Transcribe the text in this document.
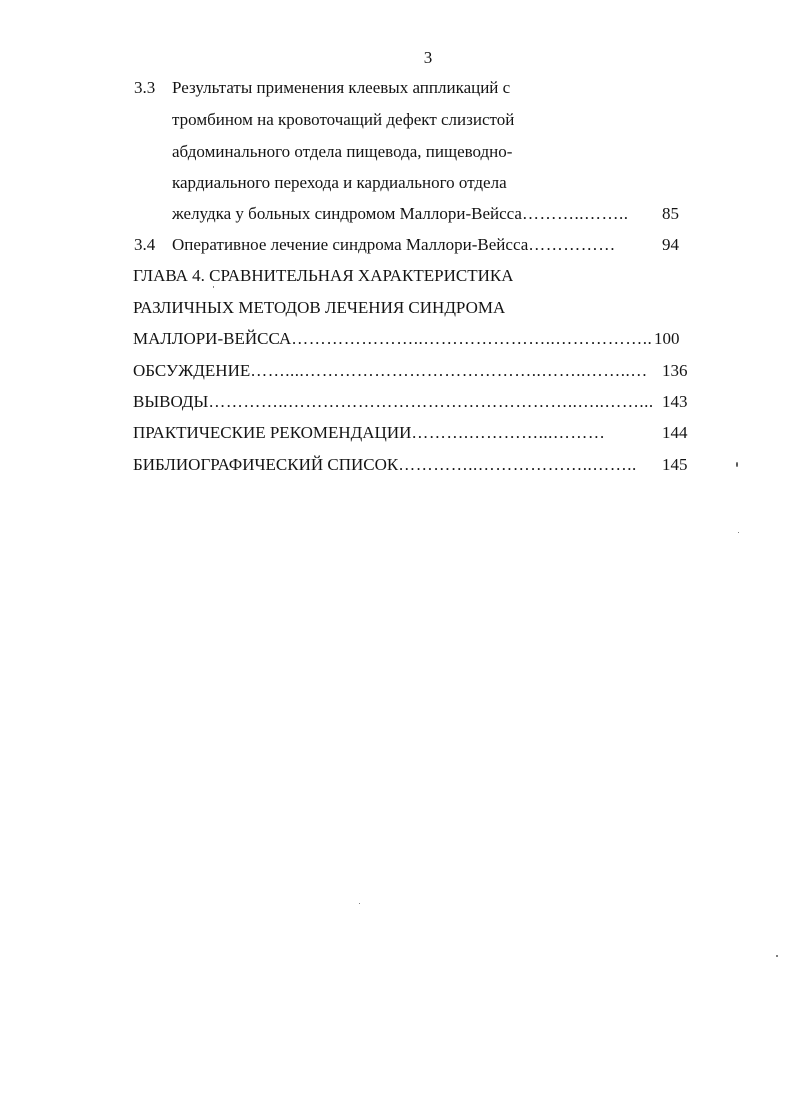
3
3.3 Результаты применения клеевых аппликаций с
тромбином на кровоточащий дефект слизистой
абдоминального отдела пищевода, пищеводно-
кардиального перехода и кардиального отдела
желудка у больных синдромом Маллори-Вейсса………..……..	85
3.4 Оперативное лечение синдрома Маллори-Вейсса……………	94
ГЛАВА 4. СРАВНИТЕЛЬНАЯ ХАРАКТЕРИСТИКА
РАЗЛИЧНЫХ МЕТОДОВ ЛЕЧЕНИЯ СИНДРОМА
МАЛЛОРИ-ВЕЙССА…………………..…………………..…………….. 100
ОБСУЖДЕНИЕ……....…………………………………..……..……..… 136
ВЫВОДЫ…………..…………………………………………..…..……... 143
ПРАКТИЧЕСКИЕ РЕКОМЕНДАЦИИ……….…………...………	144
БИБЛИОГРАФИЧЕСКИЙ СПИСОК…………..………………..……..	145
